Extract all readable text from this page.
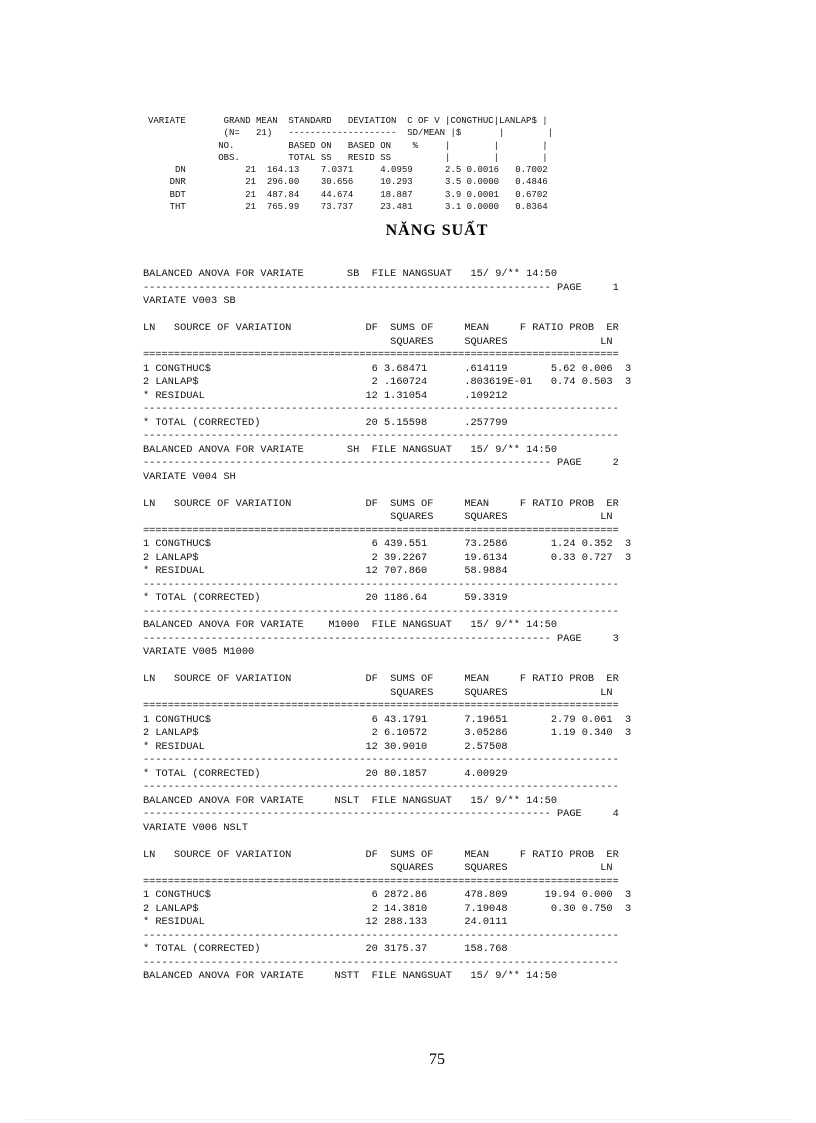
VARIATE       GRAND MEAN  STANDARD   DEVIATION  C OF V |CONGTHUC|LANLAP$ |
(N=   21)   --------------------  SD/MEAN |$       |        |
NO.          BASED ON   BASED ON    %     |        |        |
OBS.         TOTAL SS   RESID SS          |        |        |
DN           21  164.13    7.0371     4.0959      2.5 0.0016   0.7002
DNR           21  296.00    30.656     10.293      3.5 0.0000   0.4846
BDT           21  487.84    44.674     18.887      3.9 0.0001   0.6702
THT           21  765.99    73.737     23.481      3.1 0.0000   0.8364
NĂNG SUẤT
BALANCED ANOVA FOR VARIATE       SB  FILE NANGSUAT   15/ 9/** 14:50
------------------------------------------------------------------ PAGE     1
VARIATE V003 SB

LN   SOURCE OF VARIATION            DF  SUMS OF     MEAN     F RATIO PROB  ER
SQUARES     SQUARES               LN
=============================================================================
1 CONGTHUC$                          6 3.68471      .614119       5.62 0.006  3
2 LANLAP$                            2 .160724      .803619E-01   0.74 0.503  3
* RESIDUAL                          12 1.31054      .109212
-----------------------------------------------------------------------------
* TOTAL (CORRECTED)                 20 5.15598      .257799
-----------------------------------------------------------------------------
BALANCED ANOVA FOR VARIATE       SH  FILE NANGSUAT   15/ 9/** 14:50
------------------------------------------------------------------ PAGE     2
VARIATE V004 SH

LN   SOURCE OF VARIATION            DF  SUMS OF     MEAN     F RATIO PROB  ER
SQUARES     SQUARES               LN
=============================================================================
1 CONGTHUC$                          6 439.551      73.2586       1.24 0.352  3
2 LANLAP$                            2 39.2267      19.6134       0.33 0.727  3
* RESIDUAL                          12 707.860      58.9884
-----------------------------------------------------------------------------
* TOTAL (CORRECTED)                 20 1186.64      59.3319
-----------------------------------------------------------------------------
BALANCED ANOVA FOR VARIATE    M1000  FILE NANGSUAT   15/ 9/** 14:50
------------------------------------------------------------------ PAGE     3
VARIATE V005 M1000

LN   SOURCE OF VARIATION            DF  SUMS OF     MEAN     F RATIO PROB  ER
SQUARES     SQUARES               LN
=============================================================================
1 CONGTHUC$                          6 43.1791      7.19651       2.79 0.061  3
2 LANLAP$                            2 6.10572      3.05286       1.19 0.340  3
* RESIDUAL                          12 30.9010      2.57508
-----------------------------------------------------------------------------
* TOTAL (CORRECTED)                 20 80.1857      4.00929
-----------------------------------------------------------------------------
BALANCED ANOVA FOR VARIATE     NSLT  FILE NANGSUAT   15/ 9/** 14:50
------------------------------------------------------------------ PAGE     4
VARIATE V006 NSLT

LN   SOURCE OF VARIATION            DF  SUMS OF     MEAN     F RATIO PROB  ER
SQUARES     SQUARES               LN
=============================================================================
1 CONGTHUC$                          6 2872.86      478.809      19.94 0.000  3
2 LANLAP$                            2 14.3810      7.19048       0.30 0.750  3
* RESIDUAL                          12 288.133      24.0111
-----------------------------------------------------------------------------
* TOTAL (CORRECTED)                 20 3175.37      158.768
-----------------------------------------------------------------------------
BALANCED ANOVA FOR VARIATE     NSTT  FILE NANGSUAT   15/ 9/** 14:50
75
